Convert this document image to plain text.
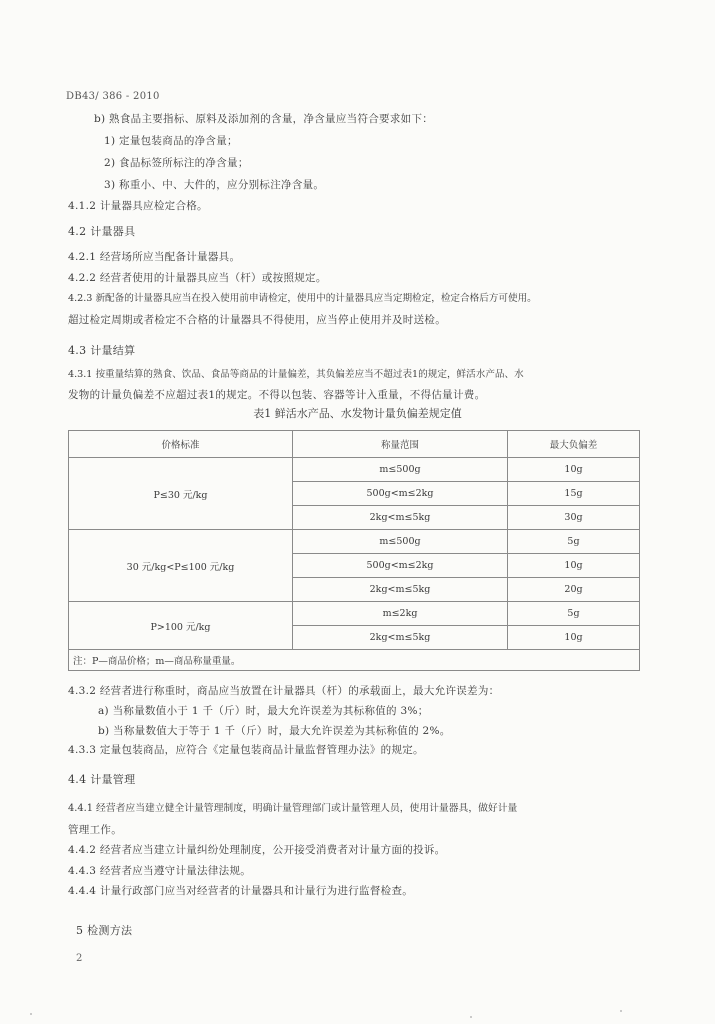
DB43/ 386 - 2010
b) 熟食品主要指标、原料及添加剂的含量，净含量应当符合要求如下：
1) 定量包装商品的净含量；
2) 食品标签所标注的净含量；
3) 称重小、中、大件的，应分别标注净含量。
4.1.2 计量器具应检定合格。
4.2 计量器具
4.2.1 经营场所应当配备计量器具。
4.2.2 经营者使用的计量器具应当（杆）或按照规定。
4.2.3 新配备的计量器具应当在投入使用前申请检定，使用中的计量器具应当定期检定，检定合格后方可使用。
超过检定周期或者检定不合格的计量器具不得使用，应当停止使用并及时送检。
4.3 计量结算
4.3.1 按重量结算的熟食、饮品、食品等商品的计量偏差，其负偏差应当不超过表1的规定，鲜活水产品、水
发物的计量负偏差不应超过表1的规定。不得以包装、容器等计入重量，不得估量计费。
表1 鲜活水产品、水发物计量负偏差规定值
价格标准	称量范围	最大负偏差
P≤30 元/kg	m≤500g	10g
	500g<m≤2kg	15g
	2kg<m≤5kg	30g
30 元/kg<P≤100 元/kg	m≤500g	5g
	500g<m≤2kg	10g
	2kg<m≤5kg	20g
P>100 元/kg	m≤2kg	5g
	2kg<m≤5kg	10g
注：P—商品价格；m—商品称量重量。		
4.3.2 经营者进行称重时，商品应当放置在计量器具（杆）的承载面上，最大允许误差为：
a) 当称量数值小于 1 千（斤）时，最大允许误差为其标称值的 3%；
b) 当称量数值大于等于 1 千（斤）时，最大允许误差为其标称值的 2%。
4.3.3 定量包装商品，应符合《定量包装商品计量监督管理办法》的规定。
4.4 计量管理
4.4.1 经营者应当建立健全计量管理制度，明确计量管理部门或计量管理人员，使用计量器具，做好计量
管理工作。
4.4.2 经营者应当建立计量纠纷处理制度，公开接受消费者对计量方面的投诉。
4.4.3 经营者应当遵守计量法律法规。
4.4.4 计量行政部门应当对经营者的计量器具和计量行为进行监督检查。
5 检测方法
2
